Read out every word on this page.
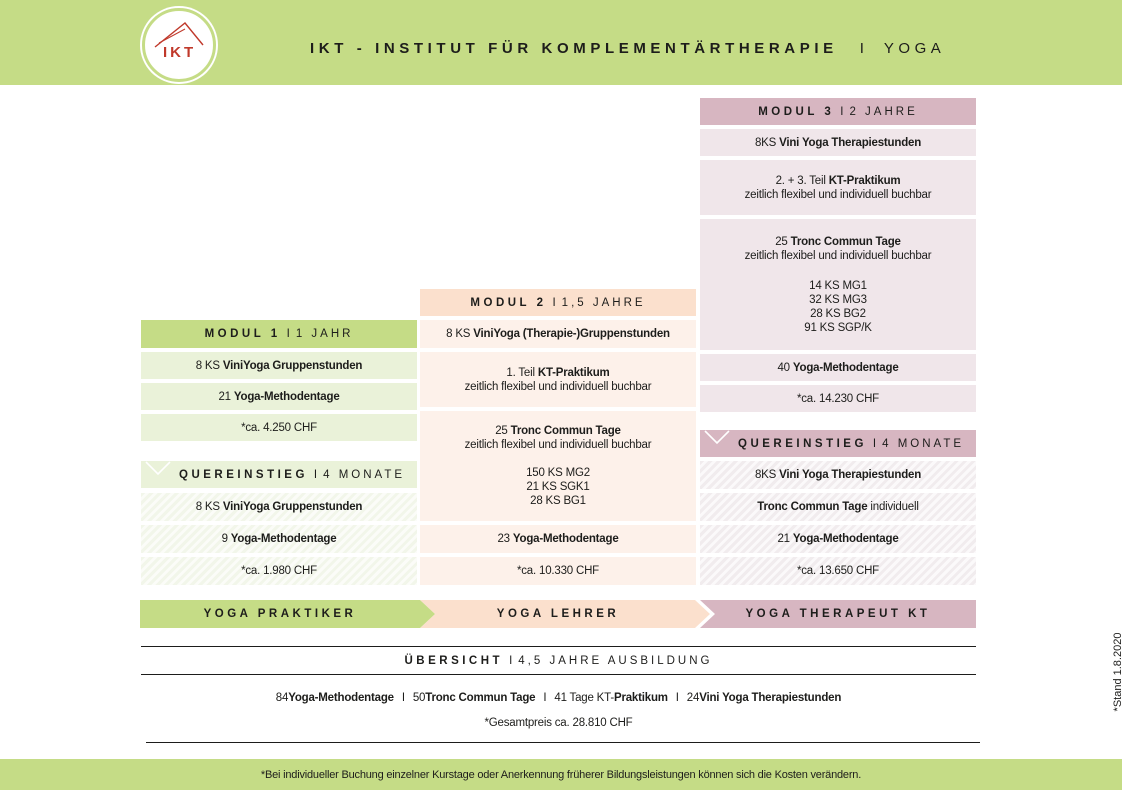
IKT	IKT - INSTITUT FÜR KOMPLEMENTÄRTHERAPIE I YOGA
MODUL 3 I 2 JAHRE
8KS Vini Yoga Therapiestunden
2. + 3. Teil KT-Praktikum
zeitlich flexibel und individuell buchbar
25 Tronc Commun Tage
zeitlich flexibel und individuell buchbar
14 KS MG1
32 KS MG3
28 KS BG2
91 KS SGP/K
40 Yoga-Methodentage
*ca. 14.230 CHF
QUEREINSTIEG I 4 MONATE
8KS Vini Yoga Therapiestunden
Tronc Commun Tage individuell
21 Yoga-Methodentage
*ca. 13.650 CHF
MODUL 2 I 1,5 JAHRE
8 KS ViniYoga (Therapie-)Gruppenstunden
1. Teil KT-Praktikum
zeitlich flexibel und individuell buchbar
25 Tronc Commun Tage
zeitlich flexibel und individuell buchbar
150 KS MG2
21 KS SGK1
28 KS BG1
23 Yoga-Methodentage
*ca. 10.330 CHF
MODUL 1 I 1 JAHR
8 KS ViniYoga Gruppenstunden
21 Yoga-Methodentage
*ca. 4.250 CHF
QUEREINSTIEG I 4 MONATE
8 KS ViniYoga Gruppenstunden
9 Yoga-Methodentage
*ca. 1.980 CHF
YOGA PRAKTIKER	YOGA LEHRER	YOGA THERAPEUT KT
ÜBERSICHT I 4,5 JAHRE AUSBILDUNG
84 Yoga-Methodentage I 50 Tronc Commun Tage I 41 Tage KT- Praktikum I 24 Vini Yoga Therapiestunden
*Gesamtpreis ca. 28.810 CHF
*Stand 1.8.2020
*Bei individueller Buchung einzelner Kurstage oder Anerkennung früherer Bildungsleistungen können sich die Kosten verändern.
